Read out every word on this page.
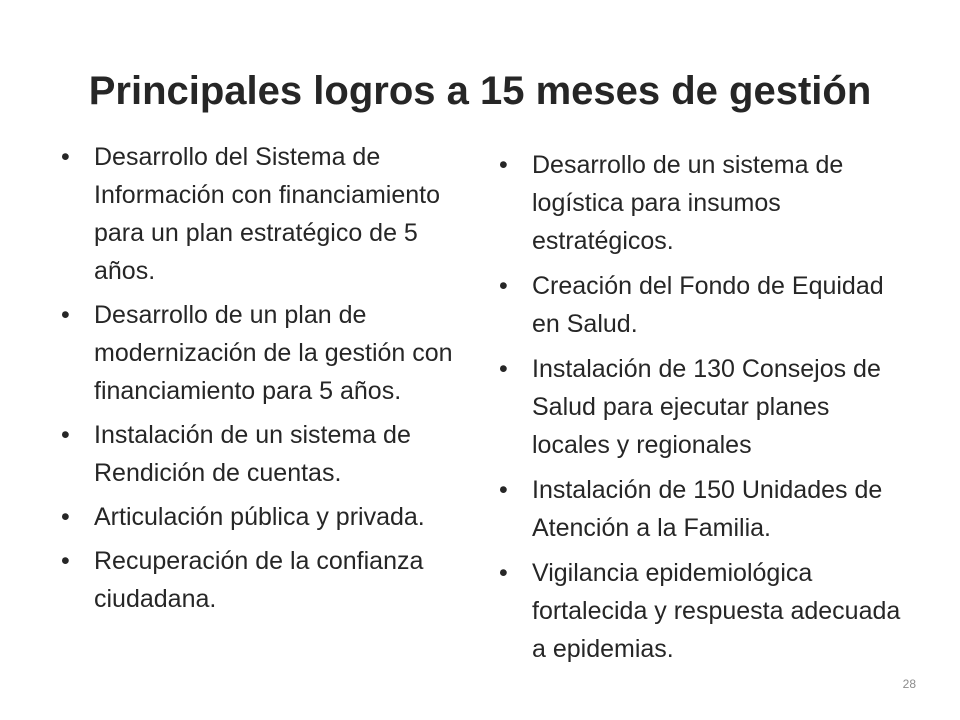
Principales logros a 15 meses de gestión
• Desarrollo del Sistema de Información con financiamiento para un plan estratégico de 5 años.
• Desarrollo de un plan de modernización de la gestión con financiamiento para 5 años.
• Instalación de un sistema de Rendición de cuentas.
• Articulación pública y privada.
• Recuperación de la confianza ciudadana.
• Desarrollo de un sistema de logística para insumos estratégicos.
• Creación del Fondo de Equidad en Salud.
• Instalación de 130 Consejos de Salud para ejecutar planes locales y regionales
• Instalación de 150 Unidades de Atención a la Familia.
• Vigilancia epidemiológica fortalecida y respuesta adecuada a epidemias.
28
